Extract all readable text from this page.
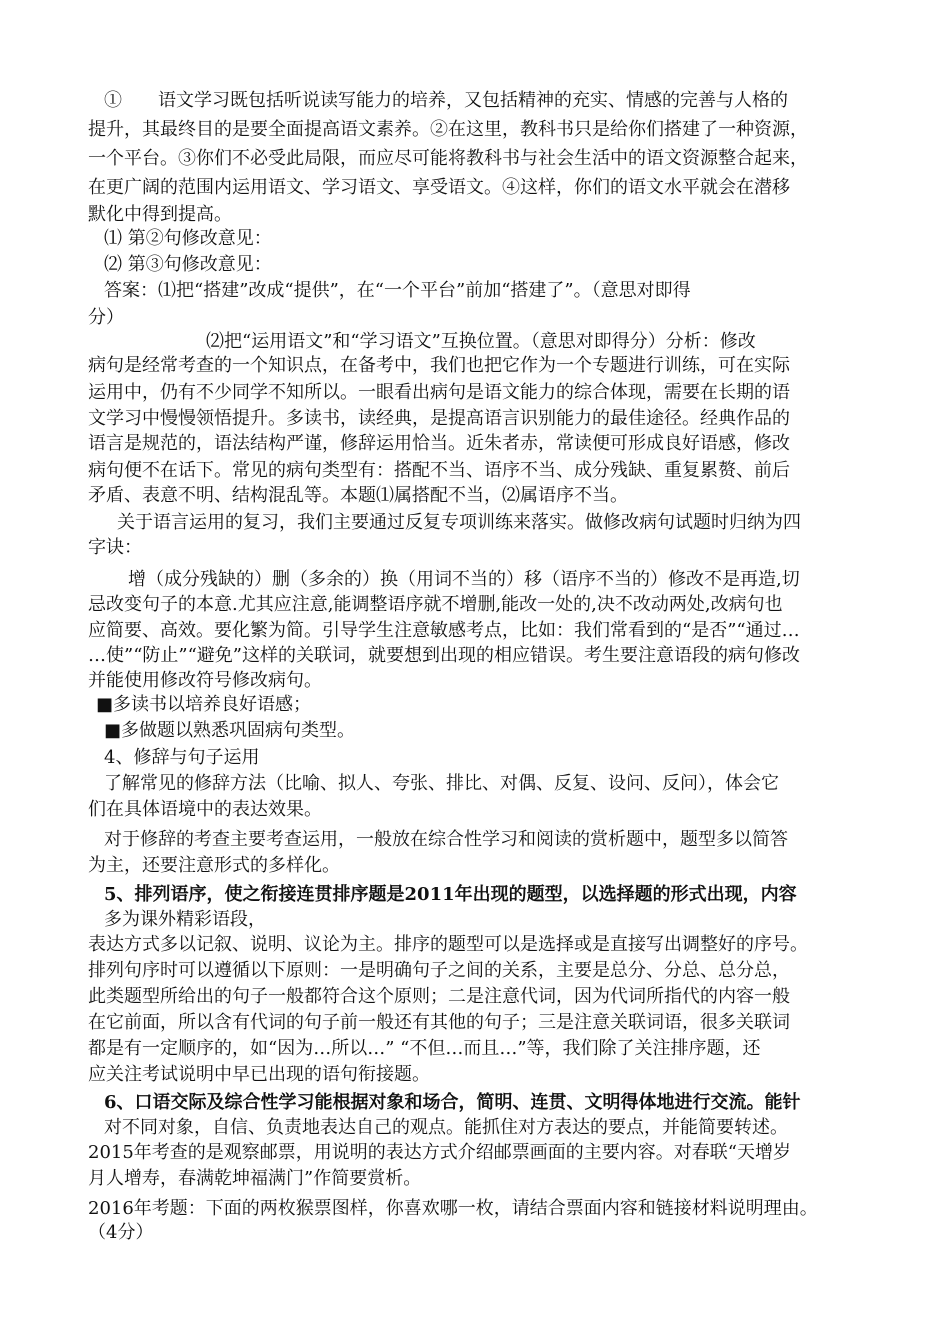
①　　语文学习既包括听说读写能力的培养，又包括精神的充实、情感的完善与人格的
提升，其最终目的是要全面提高语文素养。②在这里，教科书只是给你们搭建了一种资源，
一个平台。③你们不必受此局限，而应尽可能将教科书与社会生活中的语文资源整合起来，
在更广阔的范围内运用语文、学习语文、享受语文。④这样，你们的语文水平就会在潜移
默化中得到提高。
⑴ 第②句修改意见：
⑵ 第③句修改意见：
答案：⑴把“搭建”改成“提供”，在“一个平台”前加“搭建了”。（意思对即得
分）
⑵把“运用语文”和“学习语文”互换位置。（意思对即得分）分析：修改
病句是经常考查的一个知识点，在备考中，我们也把它作为一个专题进行训练，可在实际
运用中，仍有不少同学不知所以。一眼看出病句是语文能力的综合体现，需要在长期的语
文学习中慢慢领悟提升。多读书，读经典，是提高语言识别能力的最佳途径。经典作品的
语言是规范的，语法结构严谨，修辞运用恰当。近朱者赤，常读便可形成良好语感，修改
病句便不在话下。常见的病句类型有：搭配不当、语序不当、成分残缺、重复累赘、前后
矛盾、表意不明、结构混乱等。本题⑴属搭配不当，⑵属语序不当。
关于语言运用的复习，我们主要通过反复专项训练来落实。做修改病句试题时归纳为四
字诀：
增（成分残缺的）删（多余的）换（用词不当的）移（语序不当的）修改不是再造,切
忌改变句子的本意.尤其应注意,能调整语序就不增删,能改一处的,决不改动两处,改病句也
应简要、高效。要化繁为简。引导学生注意敏感考点，比如：我们常看到的“是否”“通过…
…使”“防止”“避免”这样的关联词，就要想到出现的相应错误。考生要注意语段的病句修改
并能使用修改符号修改病句。
■多读书以培养良好语感；
■多做题以熟悉巩固病句类型。
4、修辞与句子运用
了解常见的修辞方法（比喻、拟人、夸张、排比、对偶、反复、设问、反问），体会它
们在具体语境中的表达效果。
对于修辞的考查主要考查运用，一般放在综合性学习和阅读的赏析题中，题型多以简答
为主，还要注意形式的多样化。
5、排列语序，使之衔接连贯排序题是2011年出现的题型，以选择题的形式出现，内容
多为课外精彩语段，
表达方式多以记叙、说明、议论为主。排序的题型可以是选择或是直接写出调整好的序号。
排列句序时可以遵循以下原则：一是明确句子之间的关系，主要是总分、分总、总分总，
此类题型所给出的句子一般都符合这个原则；二是注意代词，因为代词所指代的内容一般
在它前面，所以含有代词的句子前一般还有其他的句子；三是注意关联词语，很多关联词
都是有一定顺序的，如“因为…所以…” “不但…而且…”等，我们除了关注排序题，还
应关注考试说明中早已出现的语句衔接题。
6、口语交际及综合性学习能根据对象和场合，简明、连贯、文明得体地进行交流。能针
对不同对象，自信、负责地表达自己的观点。能抓住对方表达的要点，并能简要转述。
2015年考查的是观察邮票，用说明的表达方式介绍邮票画面的主要内容。对春联“天增岁
月人增寿，春满乾坤福满门”作简要赏析。
2016年考题：下面的两枚猴票图样，你喜欢哪一枚，请结合票面内容和链接材料说明理由。
（4分）
